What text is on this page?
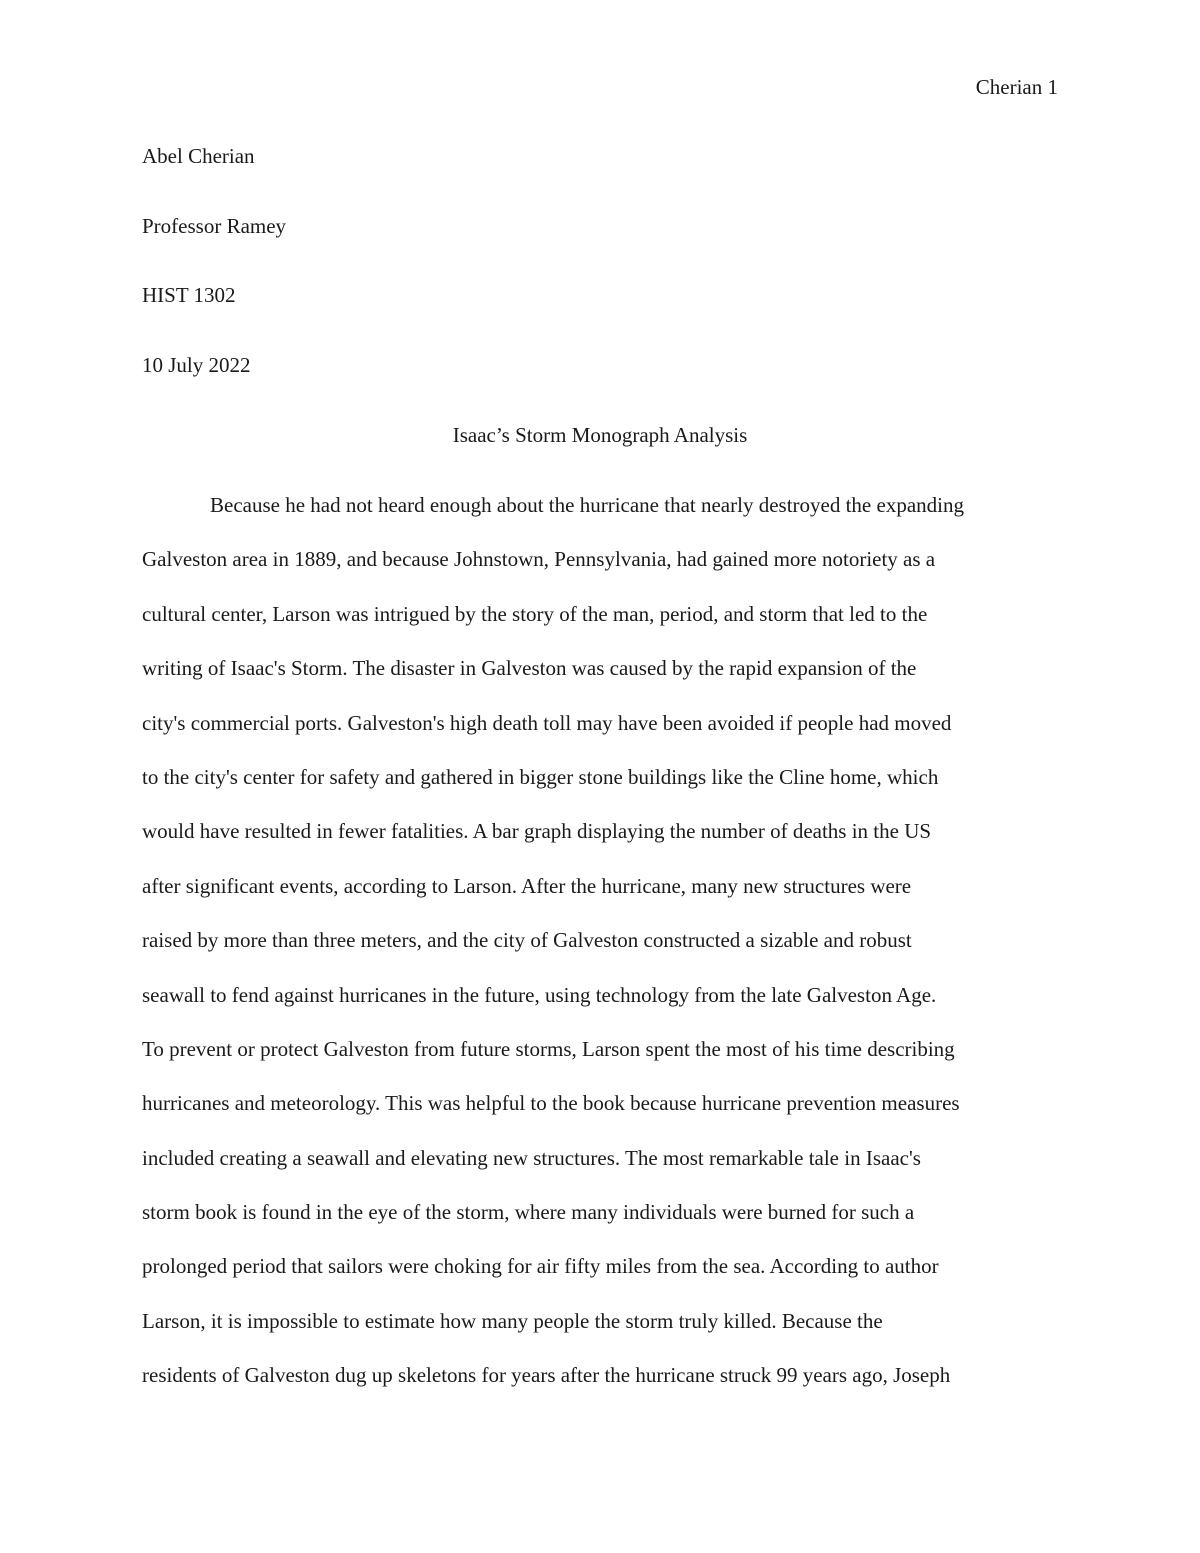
Cherian 1
Abel Cherian
Professor Ramey
HIST 1302
10 July 2022
Isaac’s Storm Monograph Analysis
Because he had not heard enough about the hurricane that nearly destroyed the expanding
Galveston area in 1889, and because Johnstown, Pennsylvania, had gained more notoriety as a
cultural center, Larson was intrigued by the story of the man, period, and storm that led to the
writing of Isaac's Storm. The disaster in Galveston was caused by the rapid expansion of the
city's commercial ports. Galveston's high death toll may have been avoided if people had moved
to the city's center for safety and gathered in bigger stone buildings like the Cline home, which
would have resulted in fewer fatalities. A bar graph displaying the number of deaths in the US
after significant events, according to Larson. After the hurricane, many new structures were
raised by more than three meters, and the city of Galveston constructed a sizable and robust
seawall to fend against hurricanes in the future, using technology from the late Galveston Age.
To prevent or protect Galveston from future storms, Larson spent the most of his time describing
hurricanes and meteorology. This was helpful to the book because hurricane prevention measures
included creating a seawall and elevating new structures. The most remarkable tale in Isaac's
storm book is found in the eye of the storm, where many individuals were burned for such a
prolonged period that sailors were choking for air fifty miles from the sea. According to author
Larson, it is impossible to estimate how many people the storm truly killed. Because the
residents of Galveston dug up skeletons for years after the hurricane struck 99 years ago, Joseph
